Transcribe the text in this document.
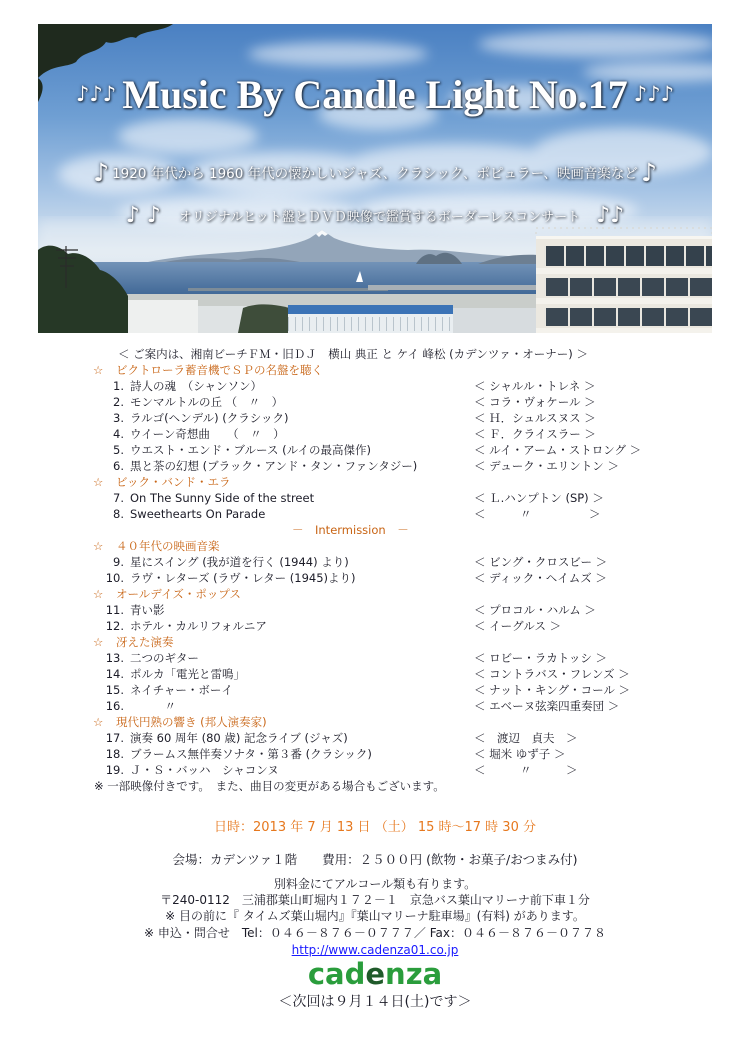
♪♪♪ Music By Candle Light No.17 ♪♪♪
♪ 1920 年代から 1960 年代の懐かしいジャズ、クラシック、ポピュラー、映画音楽など ♪
♪ ♪ オリジナルヒット盤とＤＶＤ映像で鑑賞するボーダーレスコンサート ♪♪
＜ ご案内は、湘南ビーチＦＭ・旧ＤＪ　横山 典正 と ケイ 峰松 (カデンツァ・オーナー) ＞
☆ ビクトローラ蓄音機でＳＰの名盤を聴く
1. 詩人の魂　（シャンソン）	＜ シャルル・トレネ ＞
2. モンマルトルの丘 （　〃　）	＜ コラ・ヴォケール ＞
3. ラルゴ(ヘンデル) (クラシック)	＜ Ｈ．シュルスヌス ＞
4. ウイーン奇想曲　　（　〃　）	＜ Ｆ．クライスラー ＞
5. ウエスト・エンド・ブルース (ルイの最高傑作)	＜ ルイ・アーム・ストロング ＞
6. 黒と茶の幻想 (ブラック・アンド・タン・ファンタジー)	＜ デューク・エリントン ＞
☆ ビック・バンド・エラ
7. On The Sunny Side of the street	＜ Ｌ.ハンプトン (SP) ＞
8. Sweethearts On Parade	＜　　　〃　　　　　＞
－　Intermission　－
☆ ４０年代の映画音楽
9. 星にスイング (我が道を行く (1944) より)	＜ ビング・クロスビー ＞
10. ラヴ・レターズ (ラヴ・レター (1945)より)	＜ ディック・ヘイムズ ＞
☆ オールデイズ・ポップス
11. 青い影	＜ プロコル・ハルム ＞
12. ホテル・カルリフォルニア	＜ イーグルス ＞
☆ 冴えた演奏
13. 二つのギター	＜ ロビー・ラカトッシ ＞
14. ポルカ「電光と雷鳴」	＜ コントラバス・フレンズ ＞
15. ネイチャー・ボーイ	＜ ナット・キング・コール ＞
16. 　　　〃	＜ エベーヌ弦楽四重奏団 ＞
☆ 現代円熟の響き (邦人演奏家)
17. 演奏 60 周年 (80 歳) 記念ライブ (ジャズ)	＜　渡辺　貞夫　＞
18. ブラームス無伴奏ソナタ・第３番 (クラシック)	＜ 堀米 ゆず子 ＞
19. Ｊ・Ｓ・バッハ　シャコンヌ	＜　　　〃　　　＞
※ 一部映像付きです。　また、曲目の変更がある場合もございます。
日時：2013 年 7 月 13 日 （土） 15 時～17 時 30 分
会場：カデンツァ１階　　費用：２５００円 (飲物・お菓子/おつまみ付)
別料金にてアルコール類も有ります。
〒240-0112　三浦郡葉山町堀内１７２－１　京急バス葉山マリーナ前下車１分
※ 目の前に『 タイムズ葉山堀内』『葉山マリーナ駐車場』(有料) があります。
※ 申込・問合せ　Tel：０４６－８７６－０７７７／ Fax：０４６－８７６－０７７８
http://www.cadenza01.co.jp
cadenza
＜次回は９月１４日(土)です＞
